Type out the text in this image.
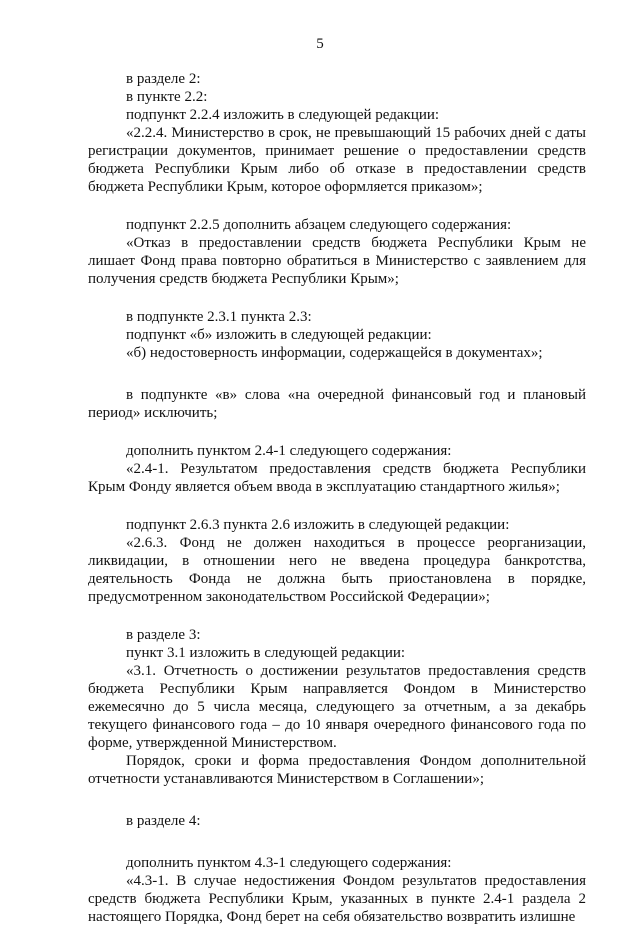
5

в разделе 2:

в пункте 2.2:

подпункт 2.2.4 изложить в следующей редакции:

«2.2.4. Министерство в срок, не превышающий 15 рабочих дней с даты регистрации документов, принимает решение о предоставлении средств бюджета Республики Крым либо об отказе в предоставлении средств бюджета Республики Крым, которое оформляется приказом»;

подпункт 2.2.5 дополнить абзацем следующего содержания:

«Отказ в предоставлении средств бюджета Республики Крым не лишает Фонд права повторно обратиться в Министерство с заявлением для получения средств бюджета Республики Крым»;

в подпункте 2.3.1 пункта 2.3:

подпункт «б» изложить в следующей редакции:

«б) недостоверность информации, содержащейся в документах»;

в подпункте «в» слова «на очередной финансовый год и плановый период» исключить;

дополнить пунктом 2.4-1 следующего содержания:

«2.4-1. Результатом предоставления средств бюджета Республики Крым Фонду является объем ввода в эксплуатацию стандартного жилья»;

подпункт 2.6.3 пункта 2.6 изложить в следующей редакции:

«2.6.3. Фонд не должен находиться в процессе реорганизации, ликвидации, в отношении него не введена процедура банкротства, деятельность Фонда не должна быть приостановлена в порядке, предусмотренном законодательством Российской Федерации»;

в разделе 3:

пункт 3.1 изложить в следующей редакции:

«3.1. Отчетность о достижении результатов предоставления средств бюджета Республики Крым направляется Фондом в Министерство ежемесячно до 5 числа месяца, следующего за отчетным, а за декабрь текущего финансового года – до 10 января очередного финансового года по форме, утвержденной Министерством.

Порядок, сроки и форма предоставления Фондом дополнительной отчетности устанавливаются Министерством в Соглашении»;

в разделе 4:

дополнить пунктом 4.3-1 следующего содержания:

«4.3-1. В случае недостижения Фондом результатов предоставления средств бюджета Республики Крым, указанных в пункте 2.4-1 раздела 2 настоящего Порядка, Фонд берет на себя обязательство возвратить излишне
